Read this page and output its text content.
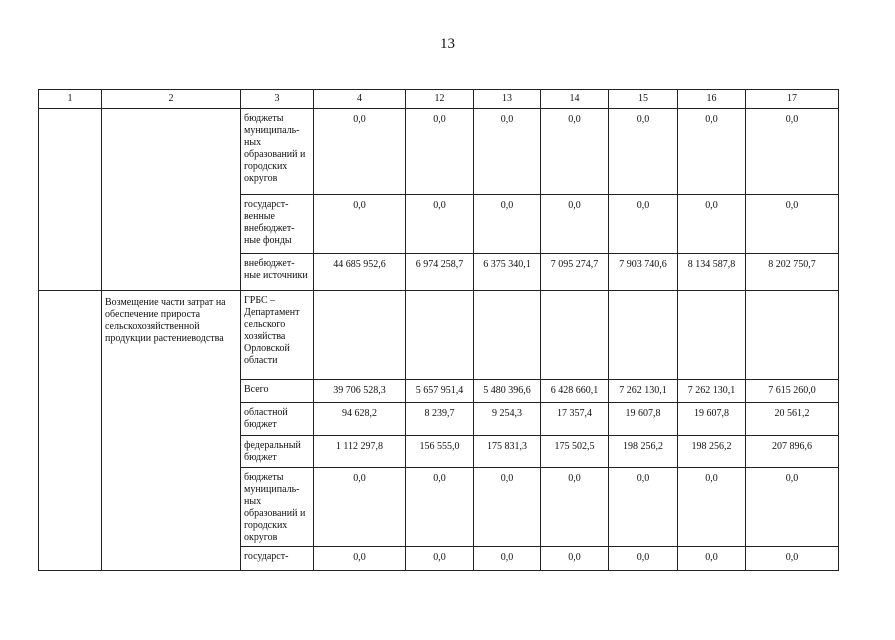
13
1	2	3	4	12	13	14	15	16	17
		бюджеты муниципаль-ных образований и городских округов	0,0	0,0	0,0	0,0	0,0	0,0	0,0
		государст-венные внебюджет-ные фонды	0,0	0,0	0,0	0,0	0,0	0,0	0,0
		внебюджет-ные источники	44 685 952,6	6 974 258,7	6 375 340,1	7 095 274,7	7 903 740,6	8 134 587,8	8 202 750,7
	Возмещение части затрат на обеспечение прироста сельскохозяйственной продукции растениеводства	ГРБС – Департамент сельского хозяйства Орловской области							
		Всего	39 706 528,3	5 657 951,4	5 480 396,6	6 428 660,1	7 262 130,1	7 262 130,1	7 615 260,0
		областной бюджет	94 628,2	8 239,7	9 254,3	17 357,4	19 607,8	19 607,8	20 561,2
		федеральный бюджет	1 112 297,8	156 555,0	175 831,3	175 502,5	198 256,2	198 256,2	207 896,6
		бюджеты муниципаль-ных образований и городских округов	0,0	0,0	0,0	0,0	0,0	0,0	0,0
		государст-	0,0	0,0	0,0	0,0	0,0	0,0	0,0
